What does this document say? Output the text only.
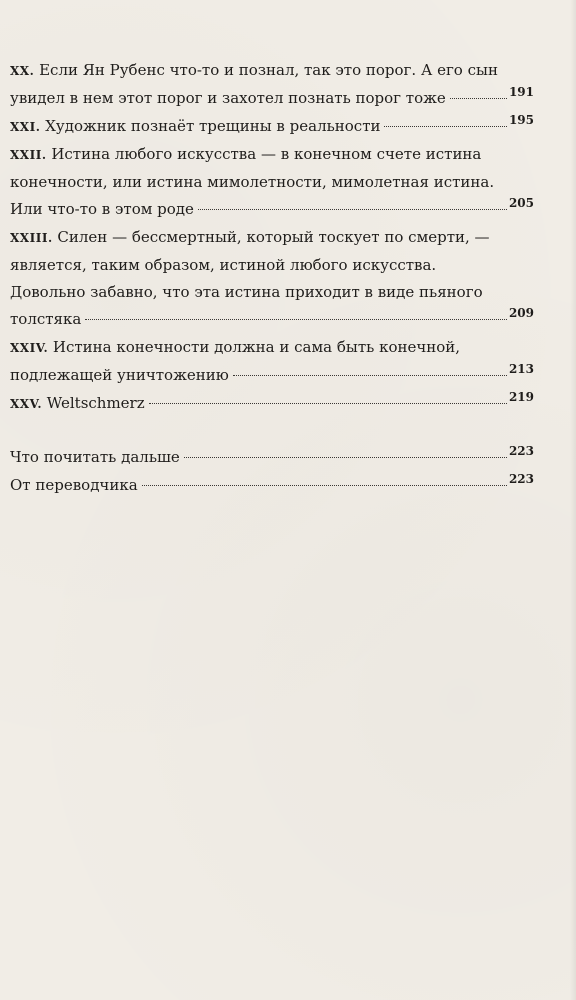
XX. Если Ян Рубенс что-то и познал, так это порог. А его сын
увидел в нем этот порог и захотел познать порог тоже	191
XXI.
Художник познаёт трещины в реальности	195
XXII. Истина любого искусства — в конечном счете истина
конечности, или истина мимолетности, мимолетная истина.
Или что-то в этом роде	205
XXIII. Силен — бессмертный, который тоскует по смерти, —
является, таким образом, истиной любого искусства.
Довольно забавно, что эта истина приходит в виде пьяного
толстяка	209
XXIV. Истина конечности должна и сама быть конечной,
подлежащей уничтожению	213
XXV.
Weltschmerz	219
Что почитать дальше	223
От переводчика	223
